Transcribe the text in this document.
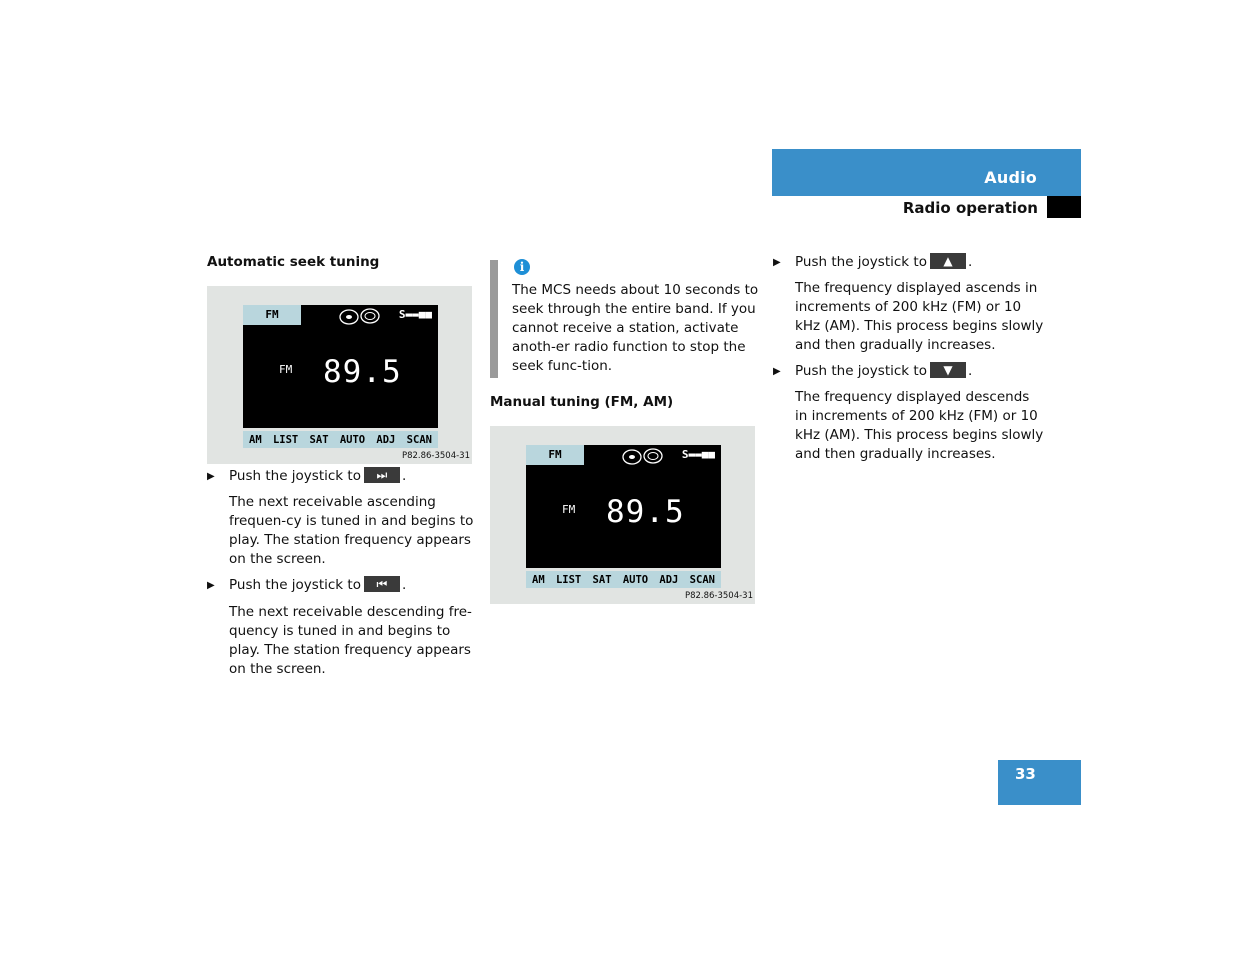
Audio
Radio operation
Automatic seek tuning
FM	S▬▬■■
FM 89.5
AM LIST SAT AUTO ADJ SCAN
P82.86-3504-31
▶ Push the joystick to ⏭ .
The next receivable ascending frequen-cy is tuned in and begins to play. The station frequency appears on the screen.
▶ Push the joystick to ⏮ .
The next receivable descending fre-quency is tuned in and begins to play. The station frequency appears on the screen.
i
The MCS needs about 10 seconds to seek through the entire band. If you cannot receive a station, activate anoth-er radio function to stop the seek func-tion.
Manual tuning (FM, AM)
FM	S▬▬■■
FM 89.5
AM LIST SAT AUTO ADJ SCAN
P82.86-3504-31
▶ Push the joystick to ▲ .
The frequency displayed ascends in increments of 200 kHz (FM) or 10 kHz (AM). This process begins slowly and then gradually increases.
▶ Push the joystick to ▼ .
The frequency displayed descends in increments of 200 kHz (FM) or 10 kHz (AM). This process begins slowly and then gradually increases.
33
